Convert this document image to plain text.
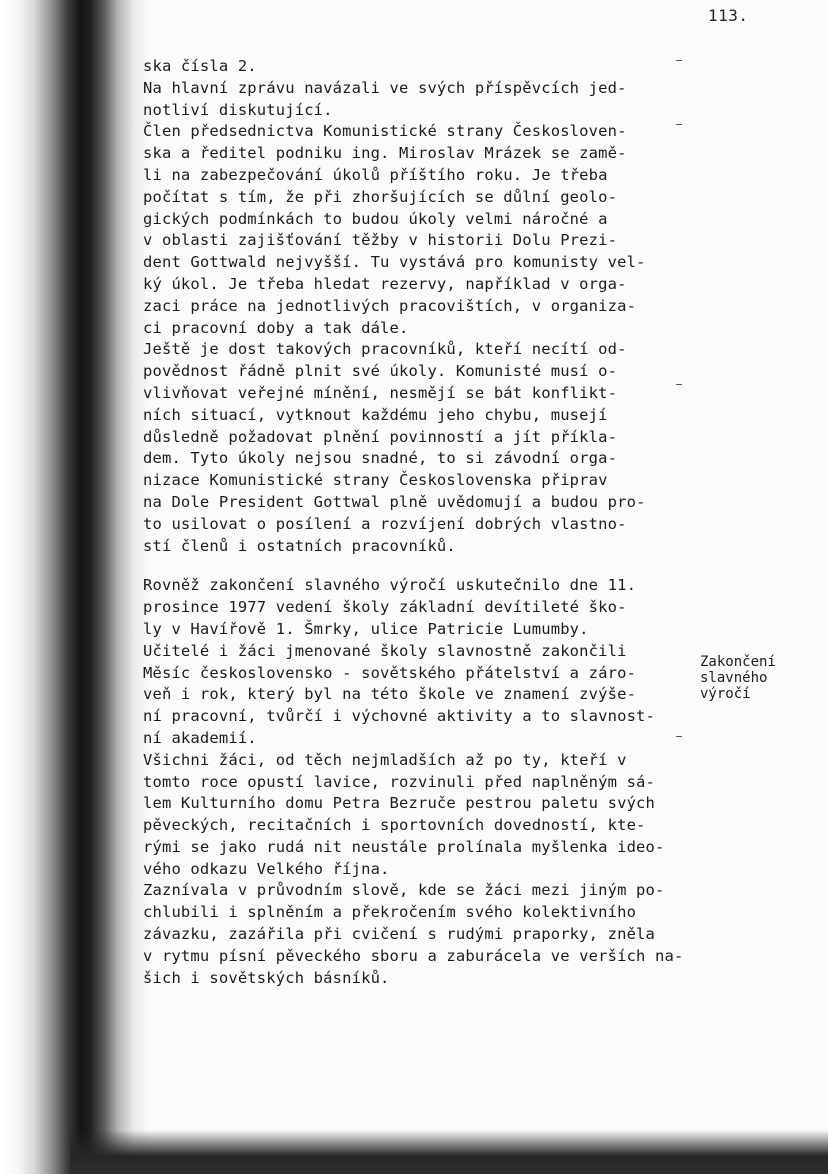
113.
ska čísla 2.
Na hlavní zprávu navázali ve svých příspěvcích jed-
notliví diskutující.
Člen předsednictva Komunistické strany Českosloven-
ska a ředitel podniku ing. Miroslav Mrázek se zamě-
li na zabezpečování úkolů příštího roku. Je třeba
počítat s tím, že při zhoršujících se důlní geolo-
gických podmínkách to budou úkoly velmi náročné a
v oblasti zajišťování těžby v historii Dolu Prezi-
dent Gottwald nejvyšší. Tu vystává pro komunisty vel-
ký úkol. Je třeba hledat rezervy, například v orga-
zaci práce na jednotlivých pracovištích, v organiza-
ci pracovní doby a tak dále.
Ještě je dost takových pracovníků, kteří necítí od-
povědnost řádně plnit své úkoly. Komunisté musí o-
vlivňovat veřejné mínění, nesmějí se bát konflikt-
ních situací, vytknout každému jeho chybu, musejí
důsledně požadovat plnění povinností a jít příkla-
dem. Tyto úkoly nejsou snadné, to si závodní orga-
nizace Komunistické strany Československa připrav
na Dole President Gottwal plně uvědomují a budou pro-
to usilovat o posílení a rozvíjení dobrých vlastno-
stí členů i ostatních pracovníků.
Rovněž zakončení slavného výročí uskutečnilo dne 11.
prosince 1977 vedení školy základní devítileté ško-
ly v Havířově 1. Šmrky, ulice Patricie Lumumby.
Učitelé i žáci jmenované školy slavnostně zakončili
Měsíc československo - sovětského přátelství a záro-
veň i rok, který byl na této škole ve znamení zvýše-
ní pracovní, tvůrčí i výchovné aktivity a to slavnost-
ní akademií.
Všichni žáci, od těch nejmladších až po ty, kteří v
tomto roce opustí lavice, rozvinuli před naplněným sá-
lem Kulturního domu Petra Bezruče pestrou paletu svých
pěveckých, recitačních i sportovních dovedností, kte-
rými se jako rudá nit neustále prolínala myšlenka ideo-
vého odkazu Velkého října.
Zaznívala v průvodním slově, kde se žáci mezi jiným po-
chlubili i splněním a překročením svého kolektivního
závazku, zazářila při cvičení s rudými praporky, zněla
v rytmu písní pěveckého sboru a zaburácela ve verších na-
šich i sovětských básníků.
Zakončení
slavného
výročí
